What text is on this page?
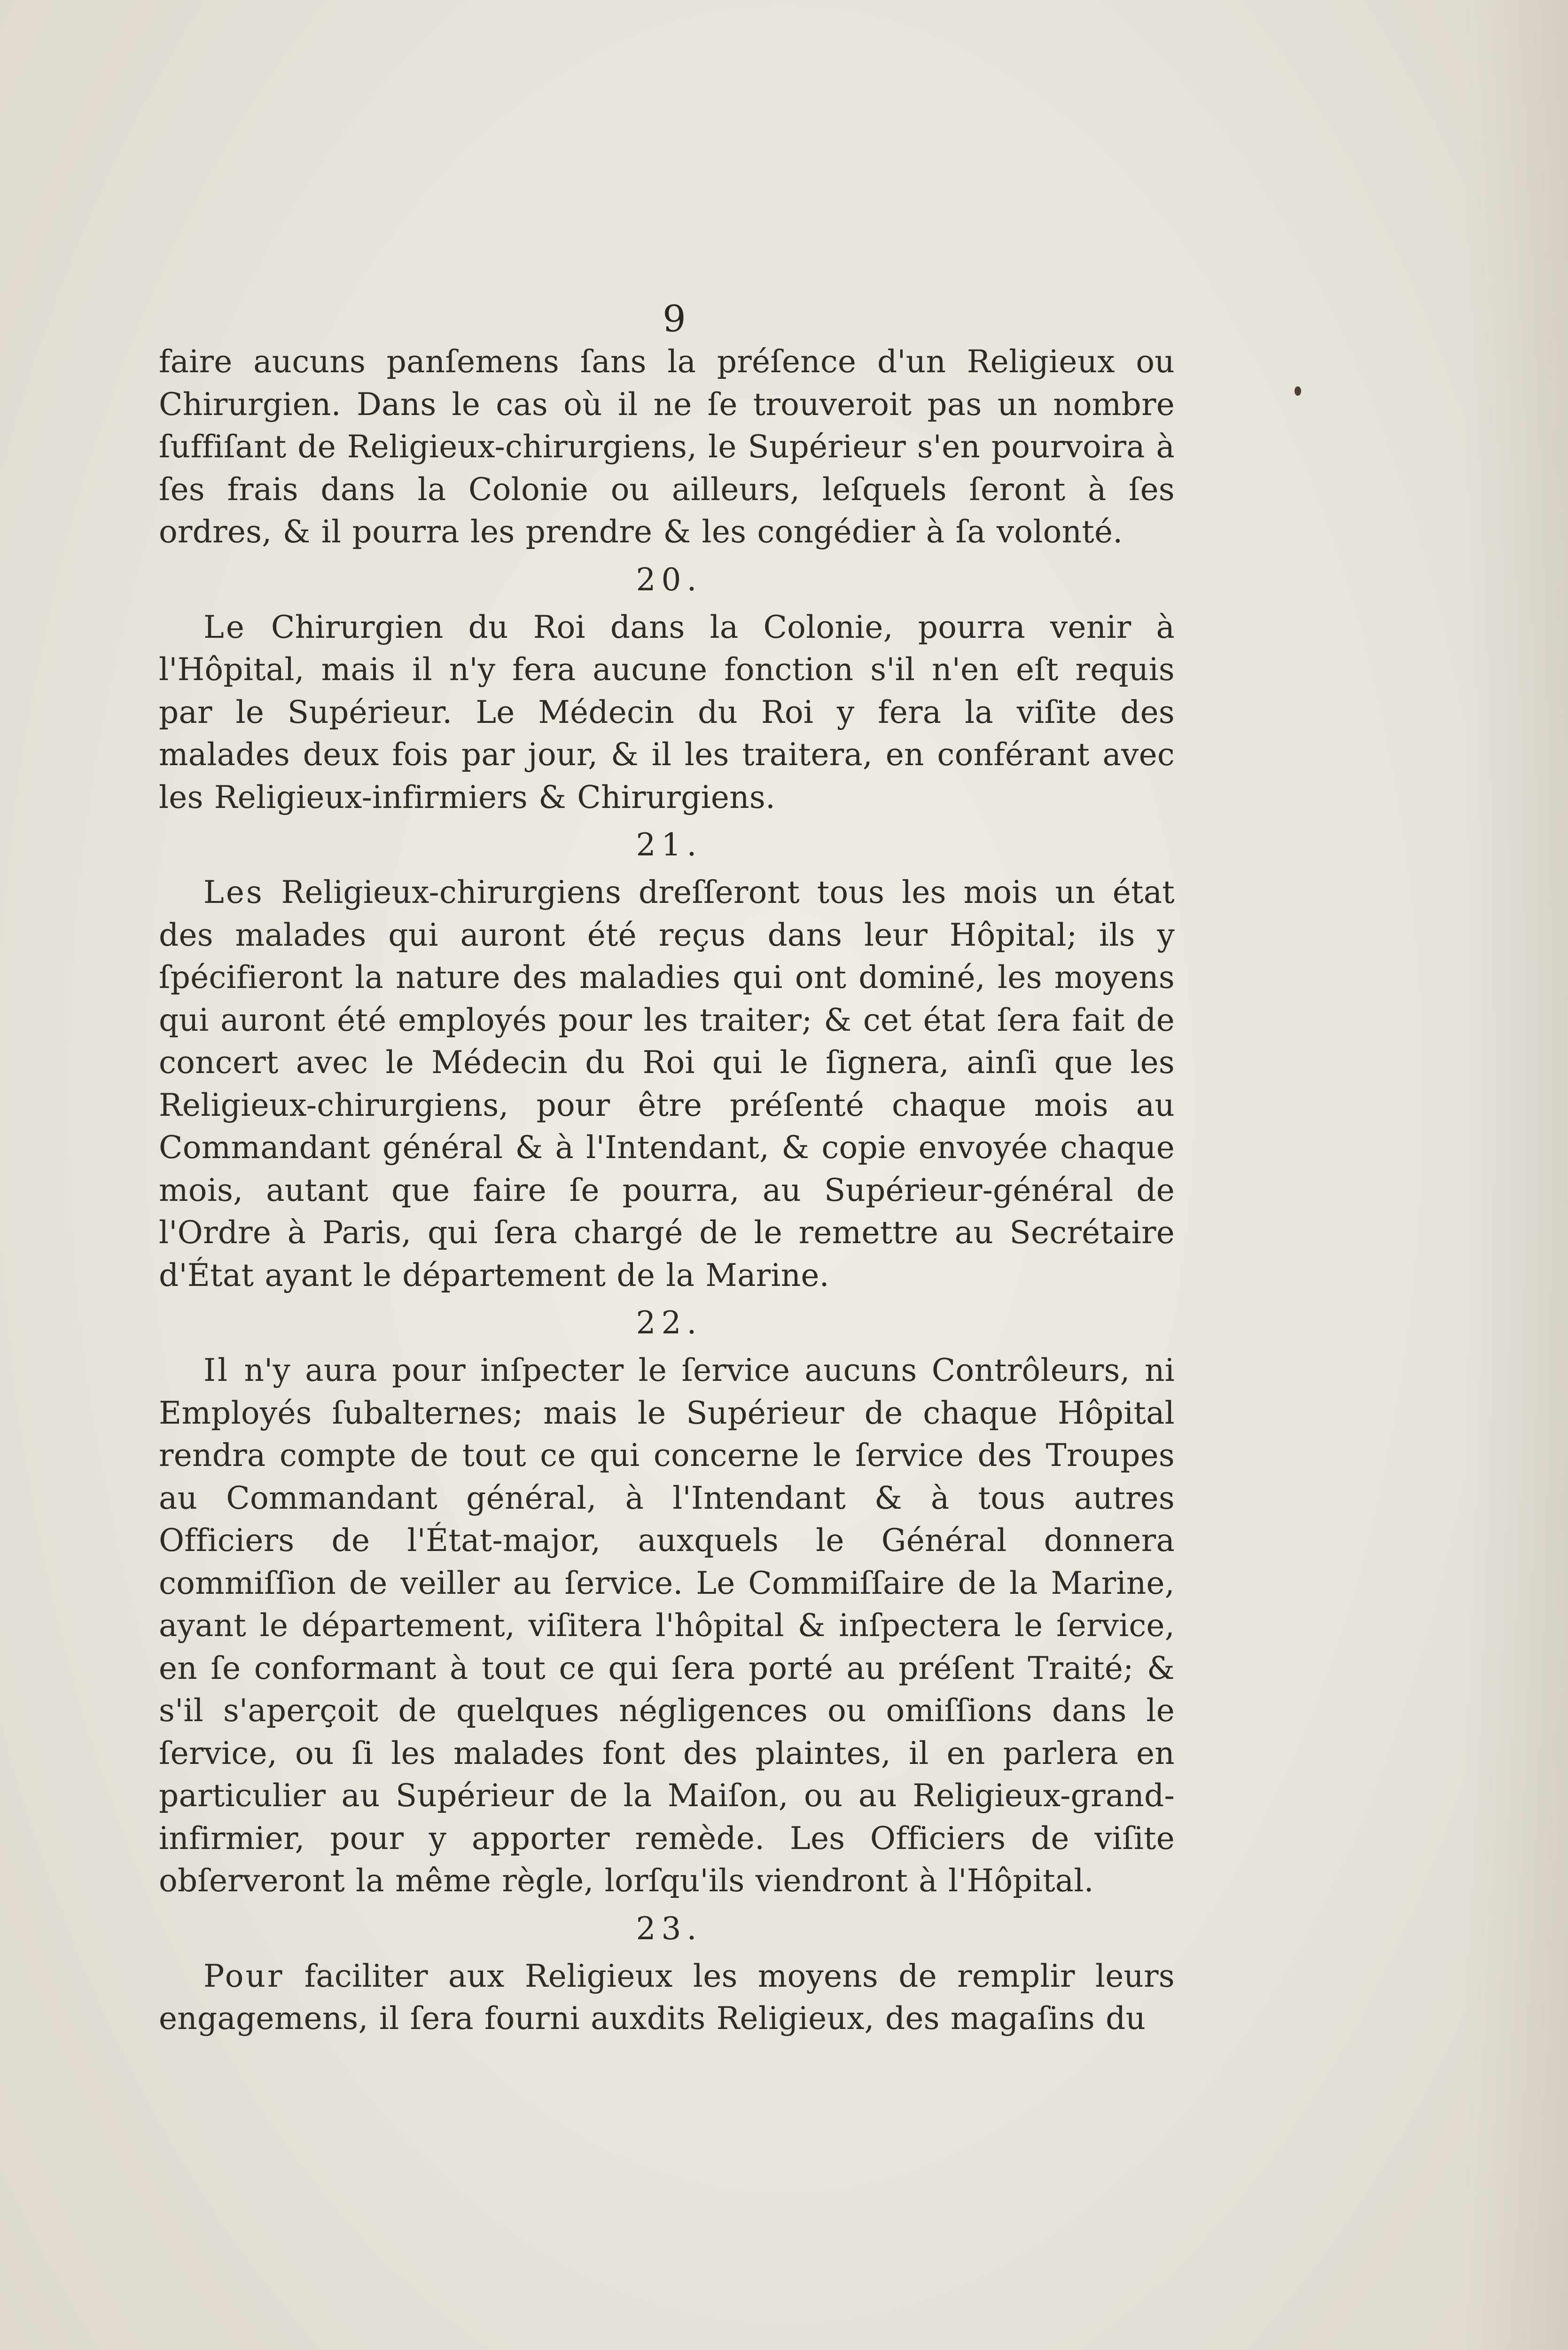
9

faire aucuns panſemens ſans la préſence d'un Religieux ou Chirurgien. Dans le cas où il ne ſe trouveroit pas un nombre ſuffiſant de Religieux-chirurgiens, le Supérieur s'en pourvoira à ſes frais dans la Colonie ou ailleurs, leſquels ſeront à ſes ordres, & il pourra les prendre & les congédier à ſa volonté.

20.

Le Chirurgien du Roi dans la Colonie, pourra venir à l'Hôpital, mais il n'y fera aucune fonction s'il n'en eſt requis par le Supérieur. Le Médecin du Roi y fera la viſite des malades deux fois par jour, & il les traitera, en conférant avec les Religieux-infirmiers & Chirurgiens.

21.

Les Religieux-chirurgiens dreſſeront tous les mois un état des malades qui auront été reçus dans leur Hôpital; ils y ſpécifieront la nature des maladies qui ont dominé, les moyens qui auront été employés pour les traiter; & cet état ſera fait de concert avec le Médecin du Roi qui le ſignera, ainſi que les Religieux-chirurgiens, pour être préſenté chaque mois au Commandant général & à l'Intendant, & copie envoyée chaque mois, autant que faire ſe pourra, au Supérieur-général de l'Ordre à Paris, qui ſera chargé de le remettre au Secrétaire d'État ayant le département de la Marine.

22.

Il n'y aura pour inſpecter le ſervice aucuns Contrôleurs, ni Employés ſubalternes; mais le Supérieur de chaque Hôpital rendra compte de tout ce qui concerne le ſervice des Troupes au Commandant général, à l'Intendant & à tous autres Officiers de l'État-major, auxquels le Général donnera commiſſion de veiller au ſervice. Le Commiſſaire de la Marine, ayant le département, viſitera l'hôpital & inſpectera le ſervice, en ſe conformant à tout ce qui ſera porté au préſent Traité; & s'il s'aperçoit de quelques négligences ou omiſſions dans le ſervice, ou ſi les malades font des plaintes, il en parlera en particulier au Supérieur de la Maiſon, ou au Religieux-grand-infirmier, pour y apporter remède. Les Officiers de viſite obſerveront la même règle, lorſqu'ils viendront à l'Hôpital.

23.

Pour faciliter aux Religieux les moyens de remplir leurs engagemens, il ſera fourni auxdits Religieux, des magaſins du
